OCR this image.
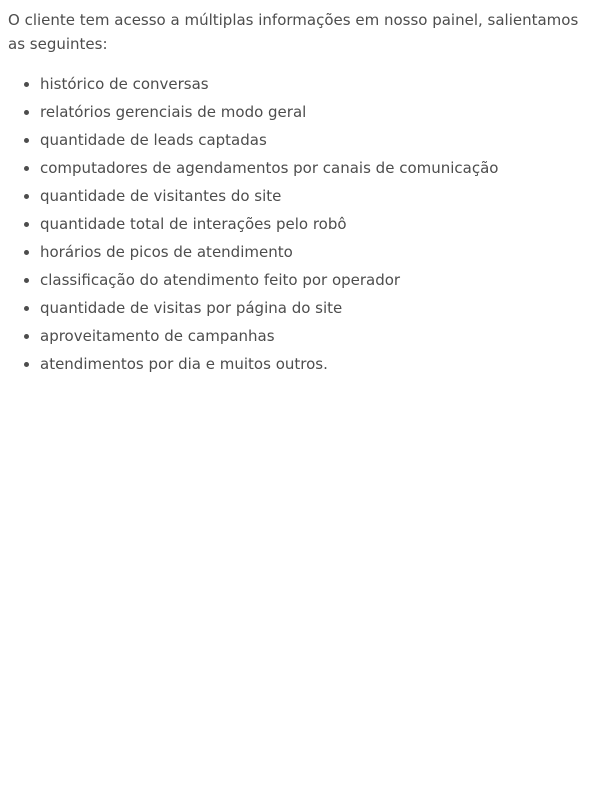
O cliente tem acesso a múltiplas informações em nosso painel, salientamos as seguintes:

• histórico de conversas
• relatórios gerenciais de modo geral
• quantidade de leads captadas
• computadores de agendamentos por canais de comunicação
• quantidade de visitantes do site
• quantidade total de interações pelo robô
• horários de picos de atendimento
• classificação do atendimento feito por operador
• quantidade de visitas por página do site
• aproveitamento de campanhas
• atendimentos por dia e muitos outros.
